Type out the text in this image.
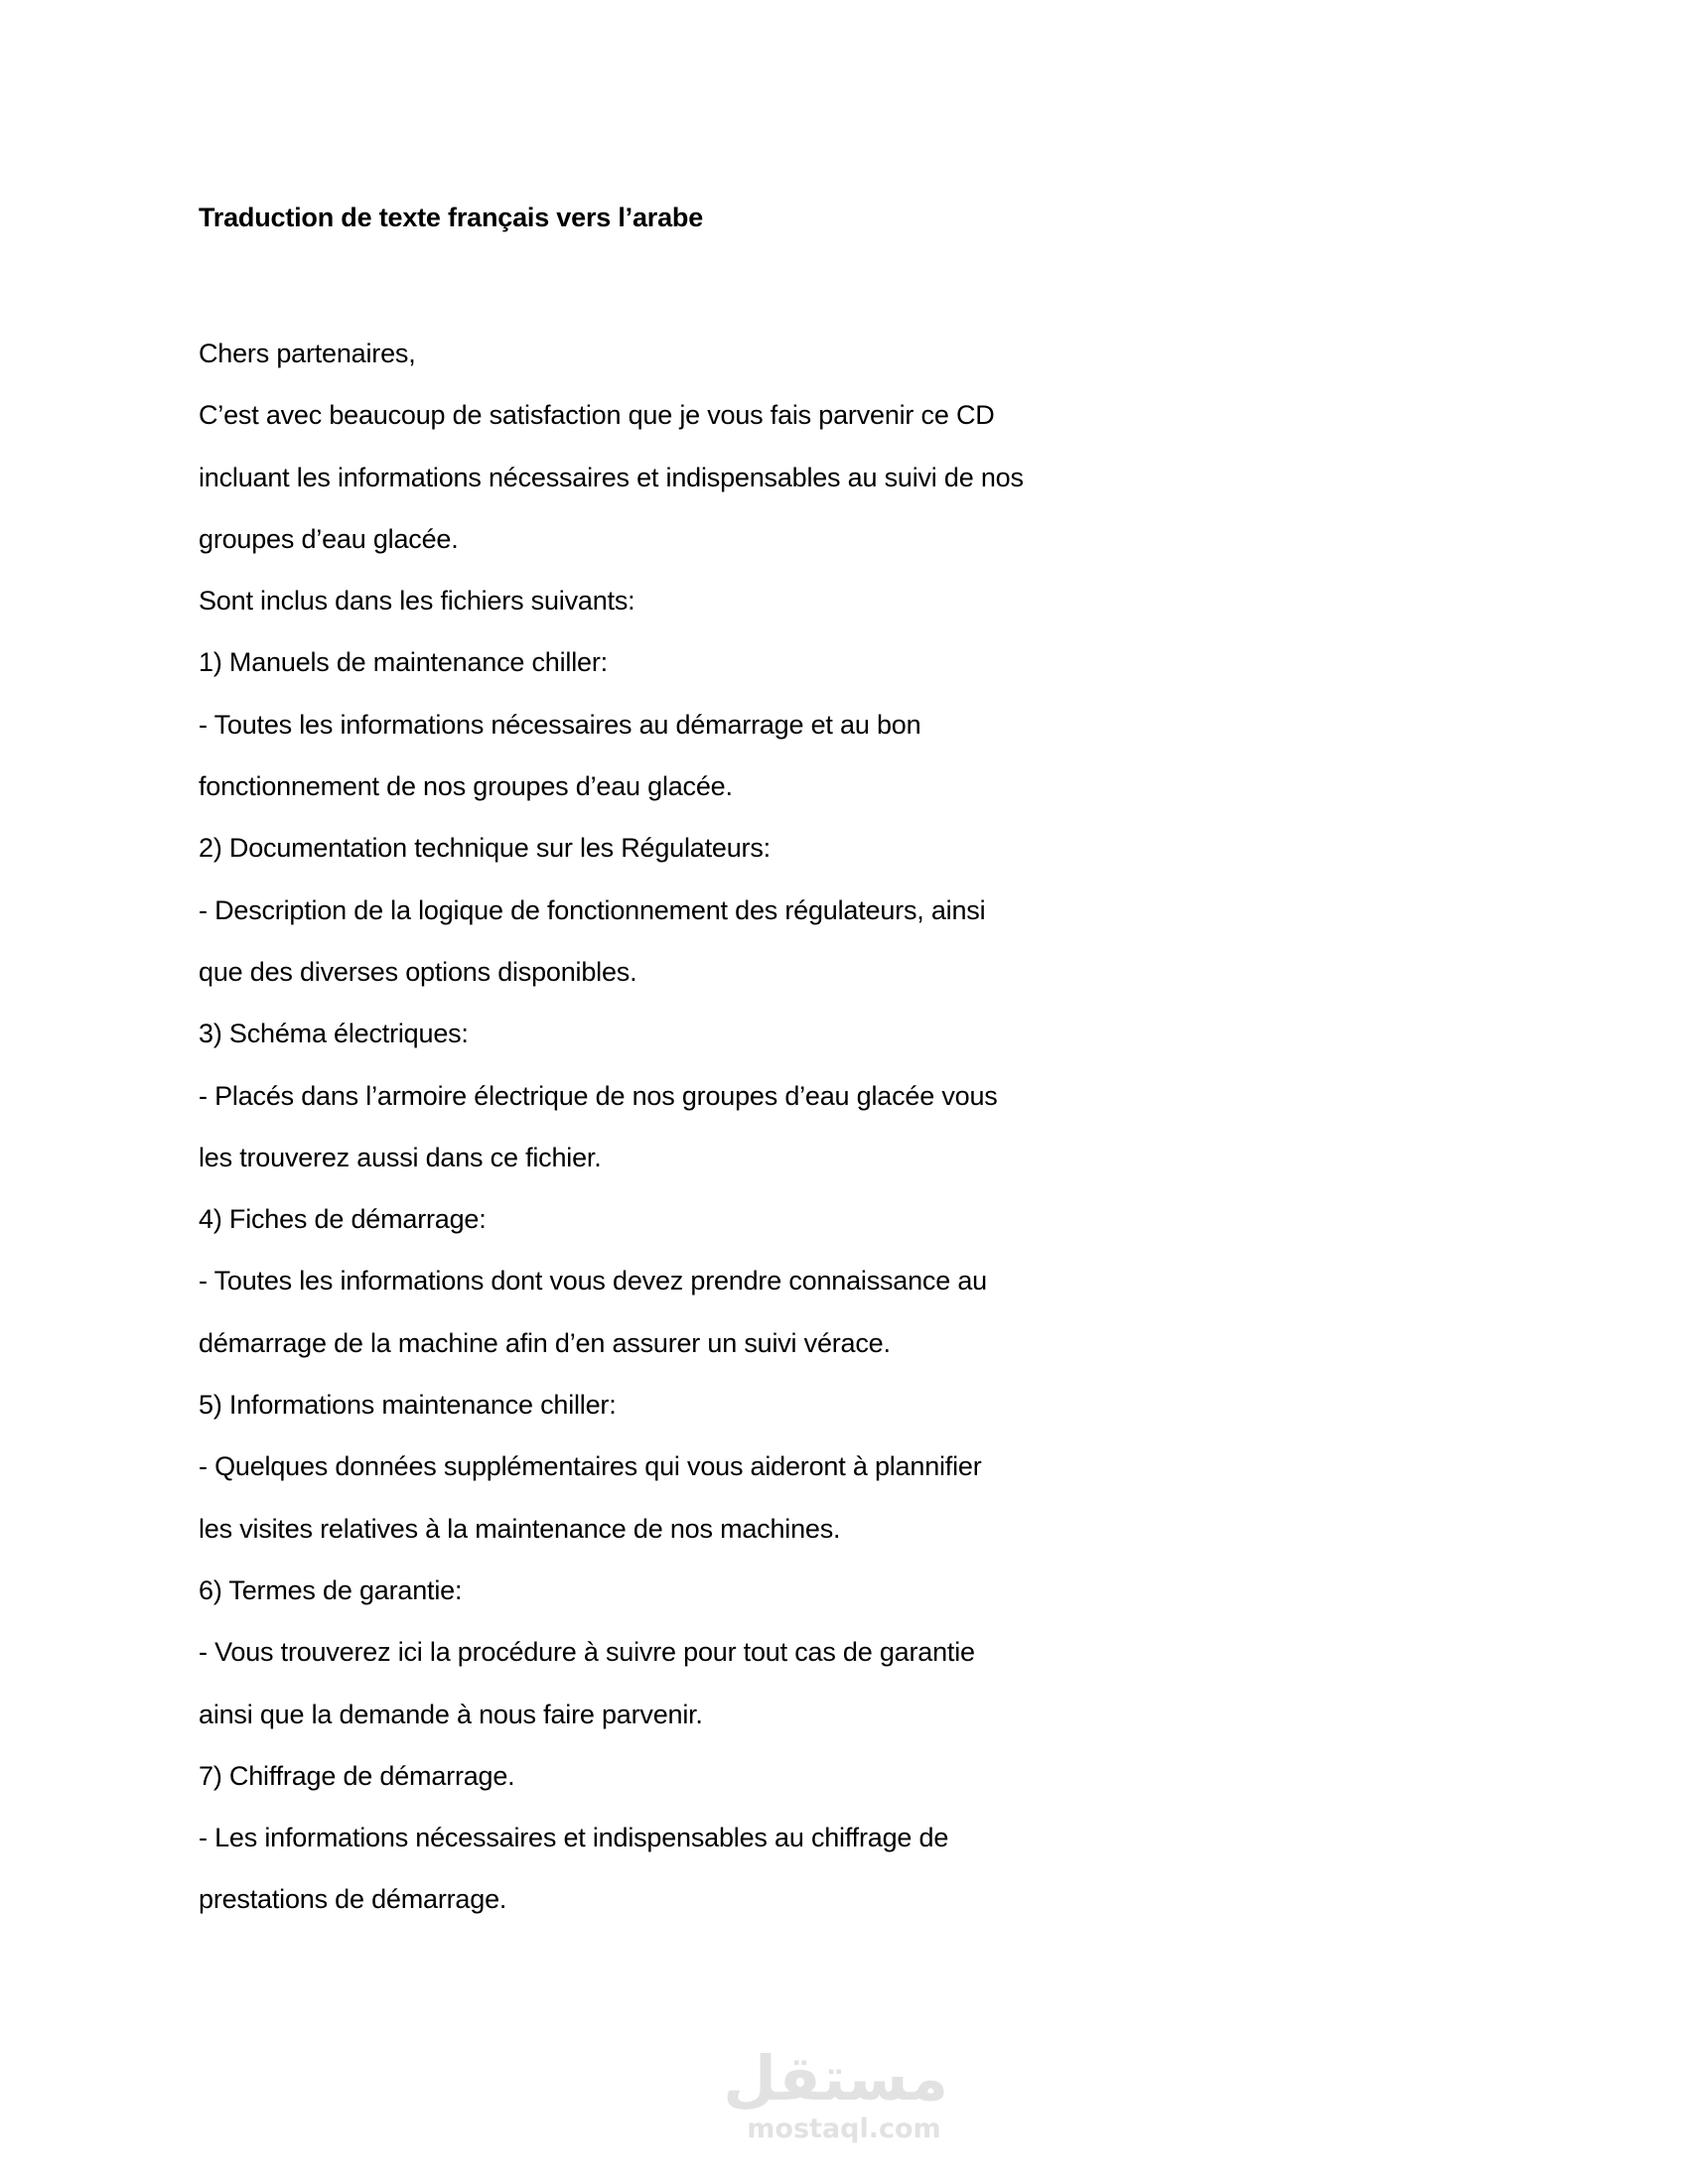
Traduction de texte français vers l’arabe
Chers partenaires,
C’est avec beaucoup de satisfaction que je vous fais parvenir ce CD
incluant les informations nécessaires et indispensables au suivi de nos
groupes d’eau glacée.
Sont inclus dans les fichiers suivants:
1) Manuels de maintenance chiller:
- Toutes les informations nécessaires au démarrage et au bon
fonctionnement de nos groupes d’eau glacée.
2) Documentation technique sur les Régulateurs:
- Description de la logique de fonctionnement des régulateurs, ainsi
que des diverses options disponibles.
3) Schéma électriques:
- Placés dans l’armoire électrique de nos groupes d’eau glacée vous
les trouverez aussi dans ce fichier.
4) Fiches de démarrage:
- Toutes les informations dont vous devez prendre connaissance au
démarrage de la machine afin d’en assurer un suivi vérace.
5) Informations maintenance chiller:
- Quelques données supplémentaires qui vous aideront à plannifier
les visites relatives à la maintenance de nos machines.
6) Termes de garantie:
- Vous trouverez ici la procédure à suivre pour tout cas de garantie
ainsi que la demande à nous faire parvenir.
7) Chiffrage de démarrage.
- Les informations nécessaires et indispensables au chiffrage de
prestations de démarrage.
مستقل
mostaql.com
